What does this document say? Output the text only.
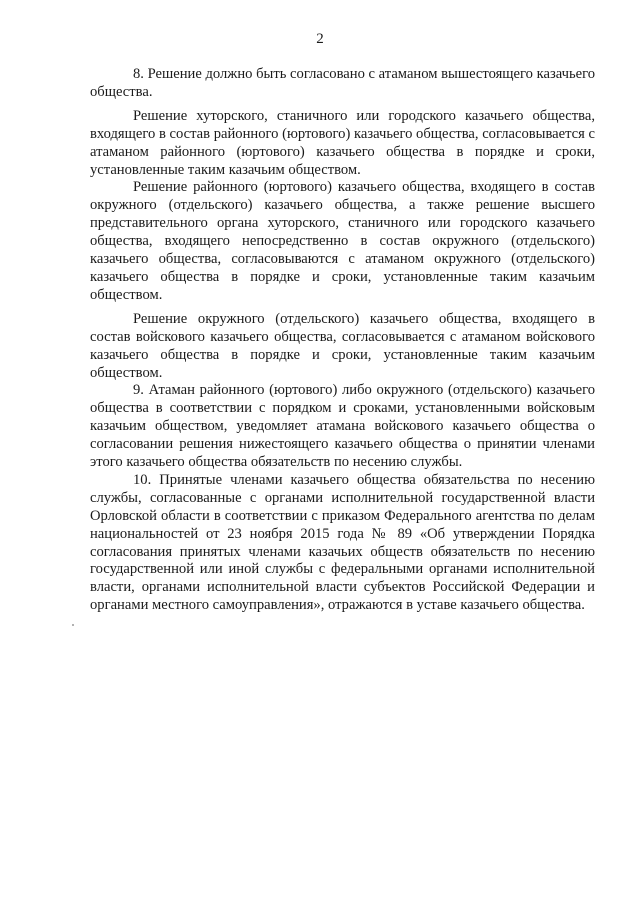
2

8. Решение должно быть согласовано с атаманом вышестоящего казачьего общества.

Решение хуторского, станичного или городского казачьего общества, входящего в состав районного (юртового) казачьего общества, согласовывается с атаманом районного (юртового) казачьего общества в порядке и сроки, установленные таким казачьим обществом.

Решение районного (юртового) казачьего общества, входящего в состав окружного (отдельского) казачьего общества, а также решение высшего представительного органа хуторского, станичного или городского казачьего общества, входящего непосредственно в состав окружного (отдельского) казачьего общества, согласовываются с атаманом окружного (отдельского) казачьего общества в порядке и сроки, установленные таким казачьим обществом.

Решение окружного (отдельского) казачьего общества, входящего в состав войскового казачьего общества, согласовывается с атаманом войскового казачьего общества в порядке и сроки, установленные таким казачьим обществом.

9. Атаман районного (юртового) либо окружного (отдельского) казачьего общества в соответствии с порядком и сроками, установленными войсковым казачьим обществом, уведомляет атамана войскового казачьего общества о согласовании решения нижестоящего казачьего общества о принятии членами этого казачьего общества обязательств по несению службы.

10. Принятые членами казачьего общества обязательства по несению службы, согласованные с органами исполнительной государственной власти Орловской области в соответствии с приказом Федерального агентства по делам национальностей от 23 ноября 2015 года № 89 «Об утверждении Порядка согласования принятых членами казачьих обществ обязательств по несению государственной или иной службы с федеральными органами исполнительной власти, органами исполнительной власти субъектов Российской Федерации и органами местного самоуправления», отражаются в уставе казачьего общества.
